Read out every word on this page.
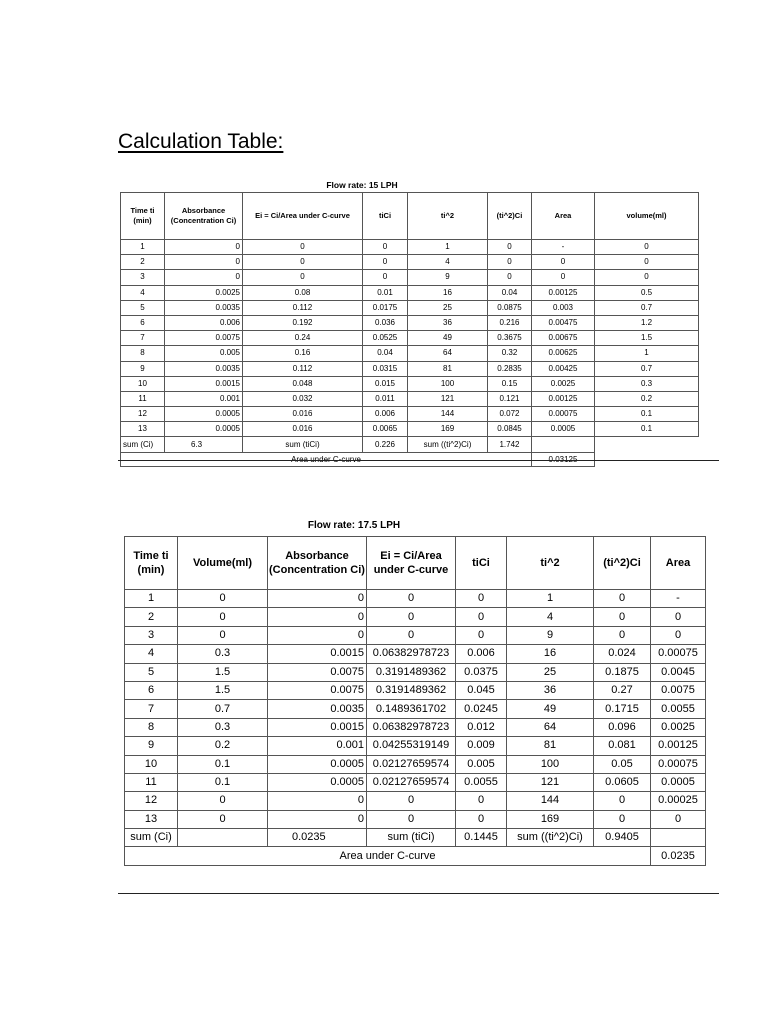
Calculation Table:
Flow rate: 15 LPH
Time ti (min)	Absorbance (Concentration Ci)	Ei = Ci/Area under C-curve	tiCi	ti^2	(ti^2)Ci	Area	volume(ml)
1	0	0	0	1	0	-	0
2	0	0	0	4	0	0	0
3	0	0	0	9	0	0	0
4	0.0025	0.08	0.01	16	0.04	0.00125	0.5
5	0.0035	0.112	0.0175	25	0.0875	0.003	0.7
6	0.006	0.192	0.036	36	0.216	0.00475	1.2
7	0.0075	0.24	0.0525	49	0.3675	0.00675	1.5
8	0.005	0.16	0.04	64	0.32	0.00625	1
9	0.0035	0.112	0.0315	81	0.2835	0.00425	0.7
10	0.0015	0.048	0.015	100	0.15	0.0025	0.3
11	0.001	0.032	0.011	121	0.121	0.00125	0.2
12	0.0005	0.016	0.006	144	0.072	0.00075	0.1
13	0.0005	0.016	0.0065	169	0.0845	0.0005	0.1
sum (Ci)	6.3	sum (tiCi)	0.226	sum ((ti^2)Ci)	1.742		
Area under C-curve						0.03125	
Flow rate: 17.5 LPH
Time ti (min)	Volume(ml)	Absorbance (Concentration Ci)	Ei = Ci/Area under C-curve	tiCi	ti^2	(ti^2)Ci	Area
1	0	0	0	0	1	0	-
2	0	0	0	0	4	0	0
3	0	0	0	0	9	0	0
4	0.3	0.0015	0.06382978723	0.006	16	0.024	0.00075
5	1.5	0.0075	0.3191489362	0.0375	25	0.1875	0.0045
6	1.5	0.0075	0.3191489362	0.045	36	0.27	0.0075
7	0.7	0.0035	0.1489361702	0.0245	49	0.1715	0.0055
8	0.3	0.0015	0.06382978723	0.012	64	0.096	0.0025
9	0.2	0.001	0.04255319149	0.009	81	0.081	0.00125
10	0.1	0.0005	0.02127659574	0.005	100	0.05	0.00075
11	0.1	0.0005	0.02127659574	0.0055	121	0.0605	0.0005
12	0	0	0	0	144	0	0.00025
13	0	0	0	0	169	0	0
sum (Ci)		0.0235	sum (tiCi)	0.1445	sum ((ti^2)Ci)	0.9405	
Area under C-curve							0.0235
